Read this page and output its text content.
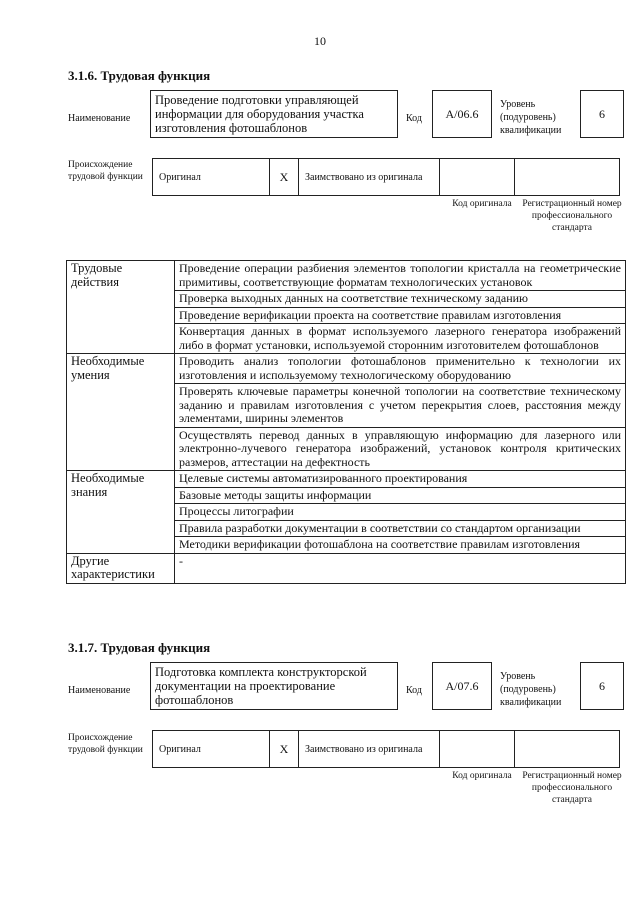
10
3.1.6. Трудовая функция
Наименование
Проведение подготовки управляющей информации для оборудования участка изготовления фотошаблонов
Код	A/06.6
Уровень (подуровень) квалификации
6
Происхождение трудовой функции	Оригинал	X	Заимствовано из оригинала
Код оригинала	Регистрационный номер профессионального стандарта
Трудовые действия	Проведение операции разбиения элементов топологии кристалла на геометрические примитивы, соответствующие форматам технологических установок
	Проверка выходных данных на соответствие техническому заданию
	Проведение верификации проекта на соответствие правилам изготовления
	Конвертация данных в формат используемого лазерного генератора изображений либо в формат установки, используемой сторонним изготовителем фотошаблонов
Необходимые умения	Проводить анализ топологии фотошаблонов применительно к технологии их изготовления и используемому технологическому оборудованию
	Проверять ключевые параметры конечной топологии на соответствие техническому заданию и правилам изготовления с учетом перекрытия слоев, расстояния между элементами, ширины элементов
	Осуществлять перевод данных в управляющую информацию для лазерного или электронно-лучевого генератора изображений, установок контроля критических размеров, аттестации на дефектность
Необходимые знания	Целевые системы автоматизированного проектирования
	Базовые методы защиты информации
	Процессы литографии
	Правила разработки документации в соответствии со стандартом организации
	Методики верификации фотошаблона на соответствие правилам изготовления
Другие характеристики	-
3.1.7. Трудовая функция
Наименование
Подготовка комплекта конструкторской документации на проектирование фотошаблонов
Код	A/07.6
Уровень (подуровень) квалификации
6
Происхождение трудовой функции	Оригинал	X	Заимствовано из оригинала
Код оригинала	Регистрационный номер профессионального стандарта
